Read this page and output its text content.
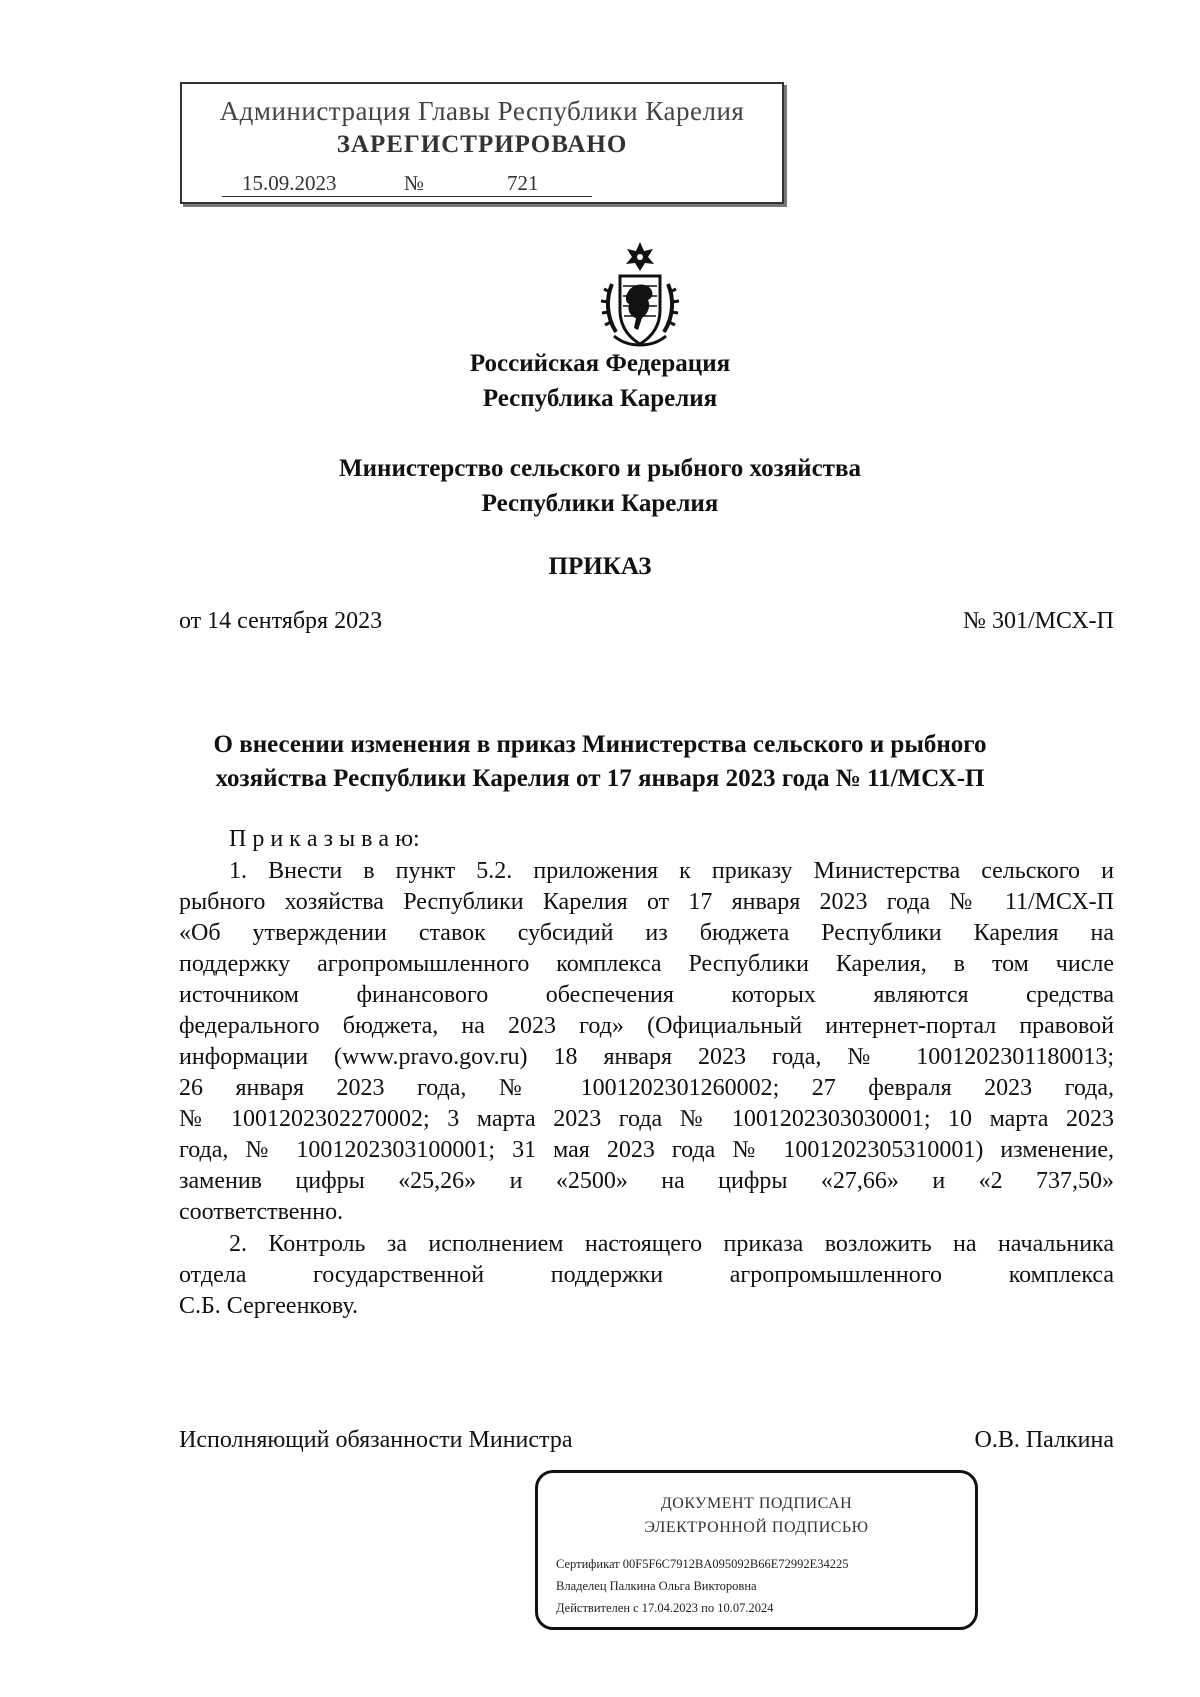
Администрация Главы Республики Карелия
ЗАРЕГИСТРИРОВАНО
15.09.2023	№	721
Российская Федерация
Республика Карелия
Министерство сельского и рыбного хозяйства
Республики Карелия
ПРИКАЗ
от 14 сентября 2023	№ 301/МСХ-П
О внесении изменения в приказ Министерства сельского и рыбного
хозяйства Республики Карелия от 17 января 2023 года № 11/МСХ-П
П р и к а з ы в а ю:
1. Внести в пункт 5.2. приложения к приказу Министерства сельского и
рыбного хозяйства Республики Карелия от 17 января 2023 года № 11/МСХ-П
«Об утверждении ставок субсидий из бюджета Республики Карелия на
поддержку агропромышленного комплекса Республики Карелия, в том числе
источником финансового обеспечения которых являются средства
федерального бюджета, на 2023 год» (Официальный интернет-портал правовой
информации (www.pravo.gov.ru) 18 января 2023 года, № 1001202301180013;
26 января 2023 года, № 1001202301260002; 27 февраля 2023 года,
№ 1001202302270002; 3 марта 2023 года № 1001202303030001; 10 марта 2023
года, № 1001202303100001; 31 мая 2023 года № 1001202305310001) изменение,
заменив цифры «25,26» и «2500» на цифры «27,66» и «2 737,50»
соответственно.
2. Контроль за исполнением настоящего приказа возложить на начальника
отдела государственной поддержки агропромышленного комплекса
С.Б. Сергеенкову.
Исполняющий обязанности Министра	О.В. Палкина
ДОКУМЕНТ ПОДПИСАН
ЭЛЕКТРОННОЙ ПОДПИСЬЮ
Сертификат 00F5F6C7912BA095092B66E72992E34225
Владелец Палкина Ольга Викторовна
Действителен с 17.04.2023 по 10.07.2024
